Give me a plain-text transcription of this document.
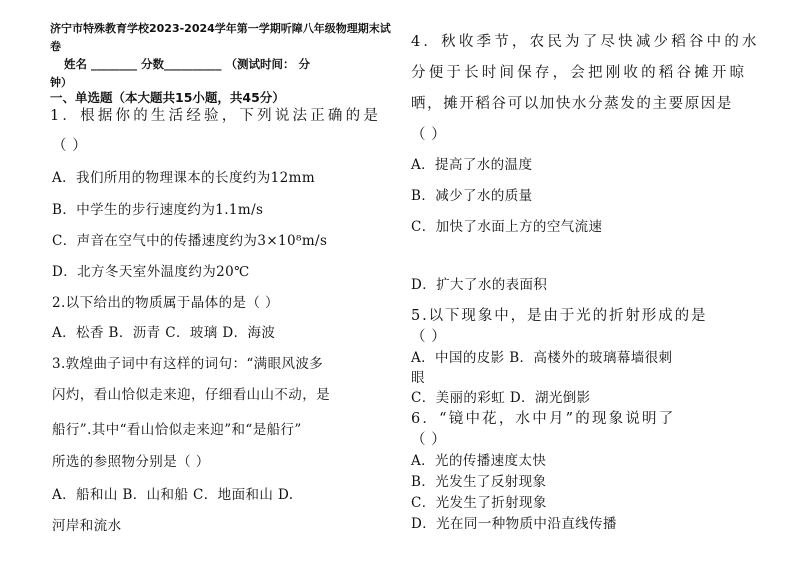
济宁市特殊教育学校2023-2024学年第一学期听障八年级物理期末试
卷
姓名 ________ 分数__________ （测试时间： 分
钟）
一、单选题（本大题共15小题，共45分）
1．根据你的生活经验，下列说法正确的是
（ ）
A．我们所用的物理课本的长度约为12mm
B．中学生的步行速度约为1.1m/s
C．声音在空气中的传播速度约为3×10⁸m/s
D．北方冬天室外温度约为20℃
2.以下给出的物质属于晶体的是（ ）
A．松香 B．沥青 C．玻璃 D．海波
3.敦煌曲子词中有这样的词句：“满眼风波多
闪灼，看山恰似走来迎，仔细看山山不动，是
船行”.其中“看山恰似走来迎”和“是船行”
所选的参照物分别是（ ）
A．船和山 B．山和船 C．地面和山 D.
河岸和流水
4．秋收季节，农民为了尽快减少稻谷中的水
分便于长时间保存，会把刚收的稻谷摊开晾
晒，摊开稻谷可以加快水分蒸发的主要原因是
（ ）
A．提高了水的温度
B．减少了水的质量
C．加快了水面上方的空气流速
D．扩大了水的表面积
5.以下现象中，是由于光的折射形成的是
（ ）
A．中国的皮影 B．高楼外的玻璃幕墙很刺
眼
C．美丽的彩虹 D．湖光倒影
6．“镜中花，水中月”的现象说明了
（ ）
A．光的传播速度太快
B．光发生了反射现象
C．光发生了折射现象
D．光在同一种物质中沿直线传播
